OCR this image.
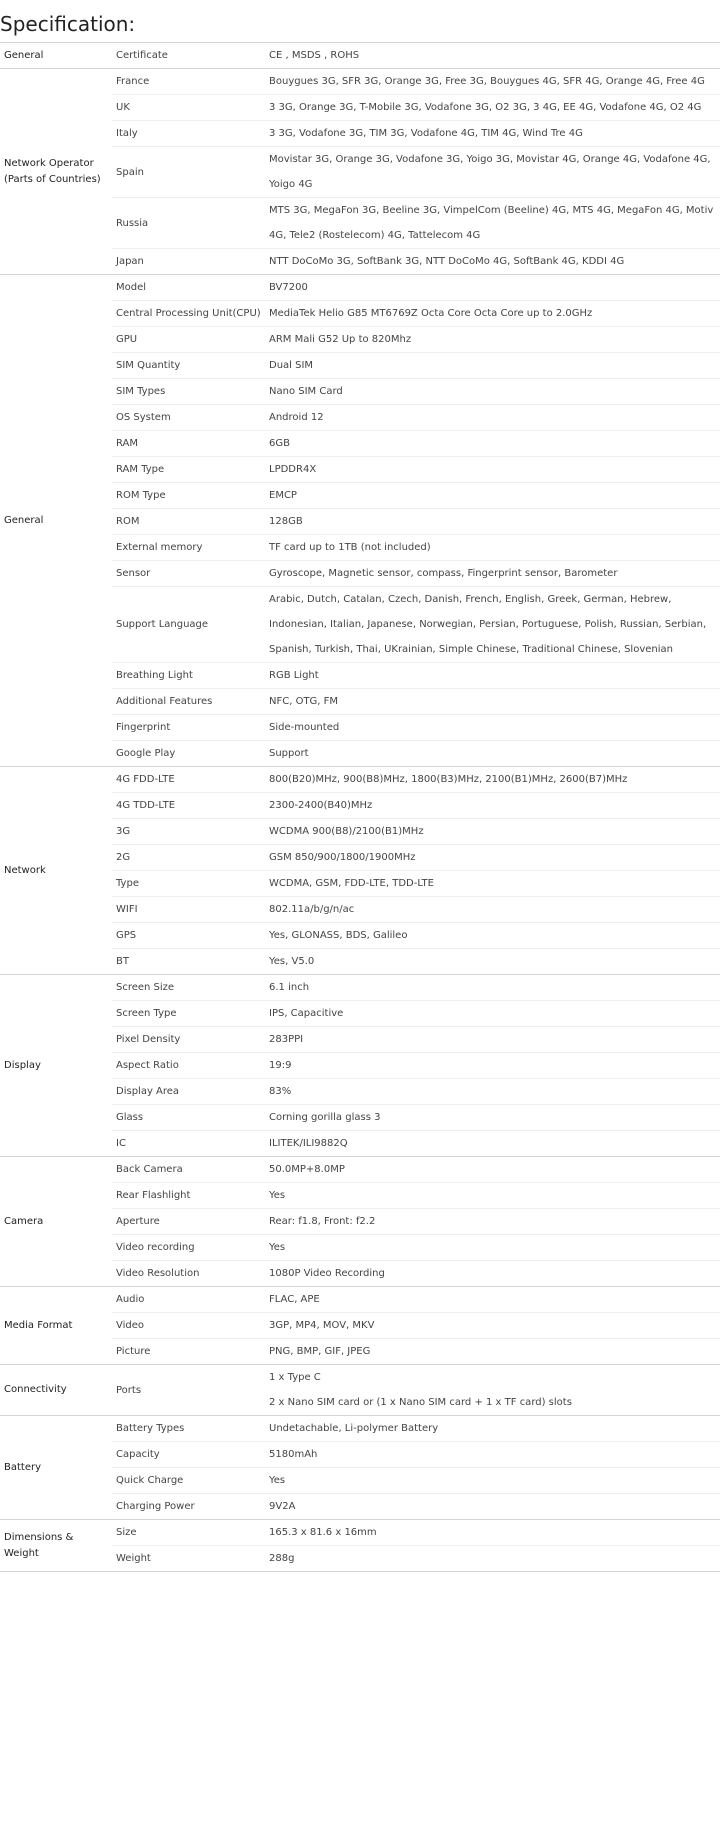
Specification:
General	Certificate	CE , MSDS , ROHS

Network Operator (Parts of Countries)	France	Bouygues 3G, SFR 3G, Orange 3G, Free 3G, Bouygues 4G, SFR 4G, Orange 4G, Free 4G

	UK	3 3G, Orange 3G, T-Mobile 3G, Vodafone 3G, O2 3G, 3 4G, EE 4G, Vodafone 4G, O2 4G

	Italy	3 3G, Vodafone 3G, TIM 3G, Vodafone 4G, TIM 4G, Wind Tre 4G

	Spain	Movistar 3G, Orange 3G, Vodafone 3G, Yoigo 3G, Movistar 4G, Orange 4G, Vodafone 4G, Yoigo 4G

	Russia	MTS 3G, MegaFon 3G, Beeline 3G, VimpelCom (Beeline) 4G, MTS 4G, MegaFon 4G, Motiv 4G, Tele2 (Rostelecom) 4G, Tattelecom 4G

	Japan	NTT DoCoMo 3G, SoftBank 3G, NTT DoCoMo 4G, SoftBank 4G, KDDI 4G

General	Model	BV7200

	Central Processing Unit(CPU)	MediaTek Helio G85 MT6769Z Octa Core Octa Core up to 2.0GHz

	GPU	ARM Mali G52 Up to 820Mhz

	SIM Quantity	Dual SIM

	SIM Types	Nano SIM Card

	OS System	Android 12

	RAM	6GB

	RAM Type	LPDDR4X

	ROM Type	EMCP

	ROM	128GB

	External memory	TF card up to 1TB (not included)

	Sensor	Gyroscope, Magnetic sensor, compass, Fingerprint sensor, Barometer

	Support Language	Arabic, Dutch, Catalan, Czech, Danish, French, English, Greek, German, Hebrew, Indonesian, Italian, Japanese, Norwegian, Persian, Portuguese, Polish, Russian, Serbian, Spanish, Turkish, Thai, UKrainian, Simple Chinese, Traditional Chinese, Slovenian

	Breathing Light	RGB Light

	Additional Features	NFC, OTG, FM

	Fingerprint	Side-mounted

	Google Play	Support

Network	4G FDD-LTE	800(B20)MHz, 900(B8)MHz, 1800(B3)MHz, 2100(B1)MHz, 2600(B7)MHz

	4G TDD-LTE	2300-2400(B40)MHz

	3G	WCDMA 900(B8)/2100(B1)MHz

	2G	GSM 850/900/1800/1900MHz

	Type	WCDMA, GSM, FDD-LTE, TDD-LTE

	WIFI	802.11a/b/g/n/ac

	GPS	Yes, GLONASS, BDS, Galileo

	BT	Yes, V5.0

Display	Screen Size	6.1 inch

	Screen Type	IPS, Capacitive

	Pixel Density	283PPI

	Aspect Ratio	19:9

	Display Area	83%

	Glass	Corning gorilla glass 3

	IC	ILITEK/ILI9882Q

Camera	Back Camera	50.0MP+8.0MP

	Rear Flashlight	Yes

	Aperture	Rear: f1.8, Front: f2.2

	Video recording	Yes

	Video Resolution	1080P Video Recording

Media Format	Audio	FLAC, APE

	Video	3GP, MP4, MOV, MKV

	Picture	PNG, BMP, GIF, JPEG

Connectivity	Ports	1 x Type C
2 x Nano SIM card or (1 x Nano SIM card + 1 x TF card) slots

Battery	Battery Types	Undetachable, Li-polymer Battery

	Capacity	5180mAh

	Quick Charge	Yes

	Charging Power	9V2A

Dimensions & Weight	Size	165.3 x 81.6 x 16mm

	Weight	288g
